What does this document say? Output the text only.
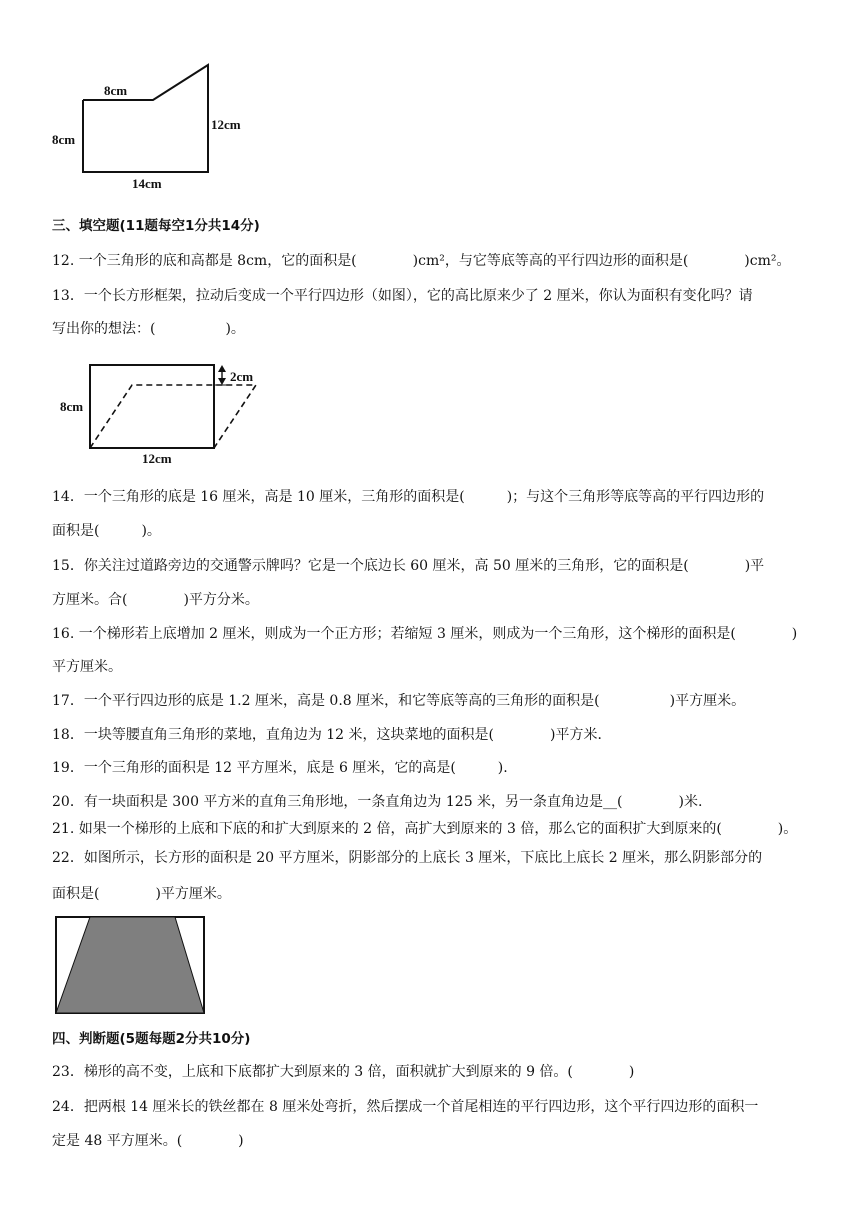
8cm
8cm
12cm
14cm
三、填空题(11题每空1分共14分)
12. 一个三角形的底和高都是 8cm，它的面积是(　　　　)cm²，与它等底等高的平行四边形的面积是(　　　　)cm²。
13．一个长方形框架，拉动后变成一个平行四边形（如图），它的高比原来少了 2 厘米，你认为面积有变化吗？请
写出你的想法：(　　　　　)。
2cm
8cm
12cm
14．一个三角形的底是 16 厘米，高是 10 厘米，三角形的面积是(　　　)；与这个三角形等底等高的平行四边形的
面积是(　　　)。
15．你关注过道路旁边的交通警示牌吗？它是一个底边长 60 厘米，高 50 厘米的三角形，它的面积是(　　　　)平
方厘米。合(　　　　)平方分米。
16. 一个梯形若上底增加 2 厘米，则成为一个正方形；若缩短 3 厘米，则成为一个三角形，这个梯形的面积是(　　　　)
平方厘米。
17．一个平行四边形的底是 1.2 厘米，高是 0.8 厘米，和它等底等高的三角形的面积是(　　　　　)平方厘米。
18．一块等腰直角三角形的菜地，直角边为 12 米，这块菜地的面积是(　　　　)平方米．
19．一个三角形的面积是 12 平方厘米，底是 6 厘米，它的高是(　　　).
20．有一块面积是 300 平方米的直角三角形地，一条直角边为 125 米，另一条直角边是__(　　　　)米.
21. 如果一个梯形的上底和下底的和扩大到原来的 2 倍，高扩大到原来的 3 倍，那么它的面积扩大到原来的(　　　　)。
22．如图所示，长方形的面积是 20 平方厘米，阴影部分的上底长 3 厘米，下底比上底长 2 厘米，那么阴影部分的
面积是(　　　　)平方厘米。
四、判断题(5题每题2分共10分)
23．梯形的高不变，上底和下底都扩大到原来的 3 倍，面积就扩大到原来的 9 倍。(　　　　)
24．把两根 14 厘米长的铁丝都在 8 厘米处弯折，然后摆成一个首尾相连的平行四边形，这个平行四边形的面积一
定是 48 平方厘米。(　　　　)
